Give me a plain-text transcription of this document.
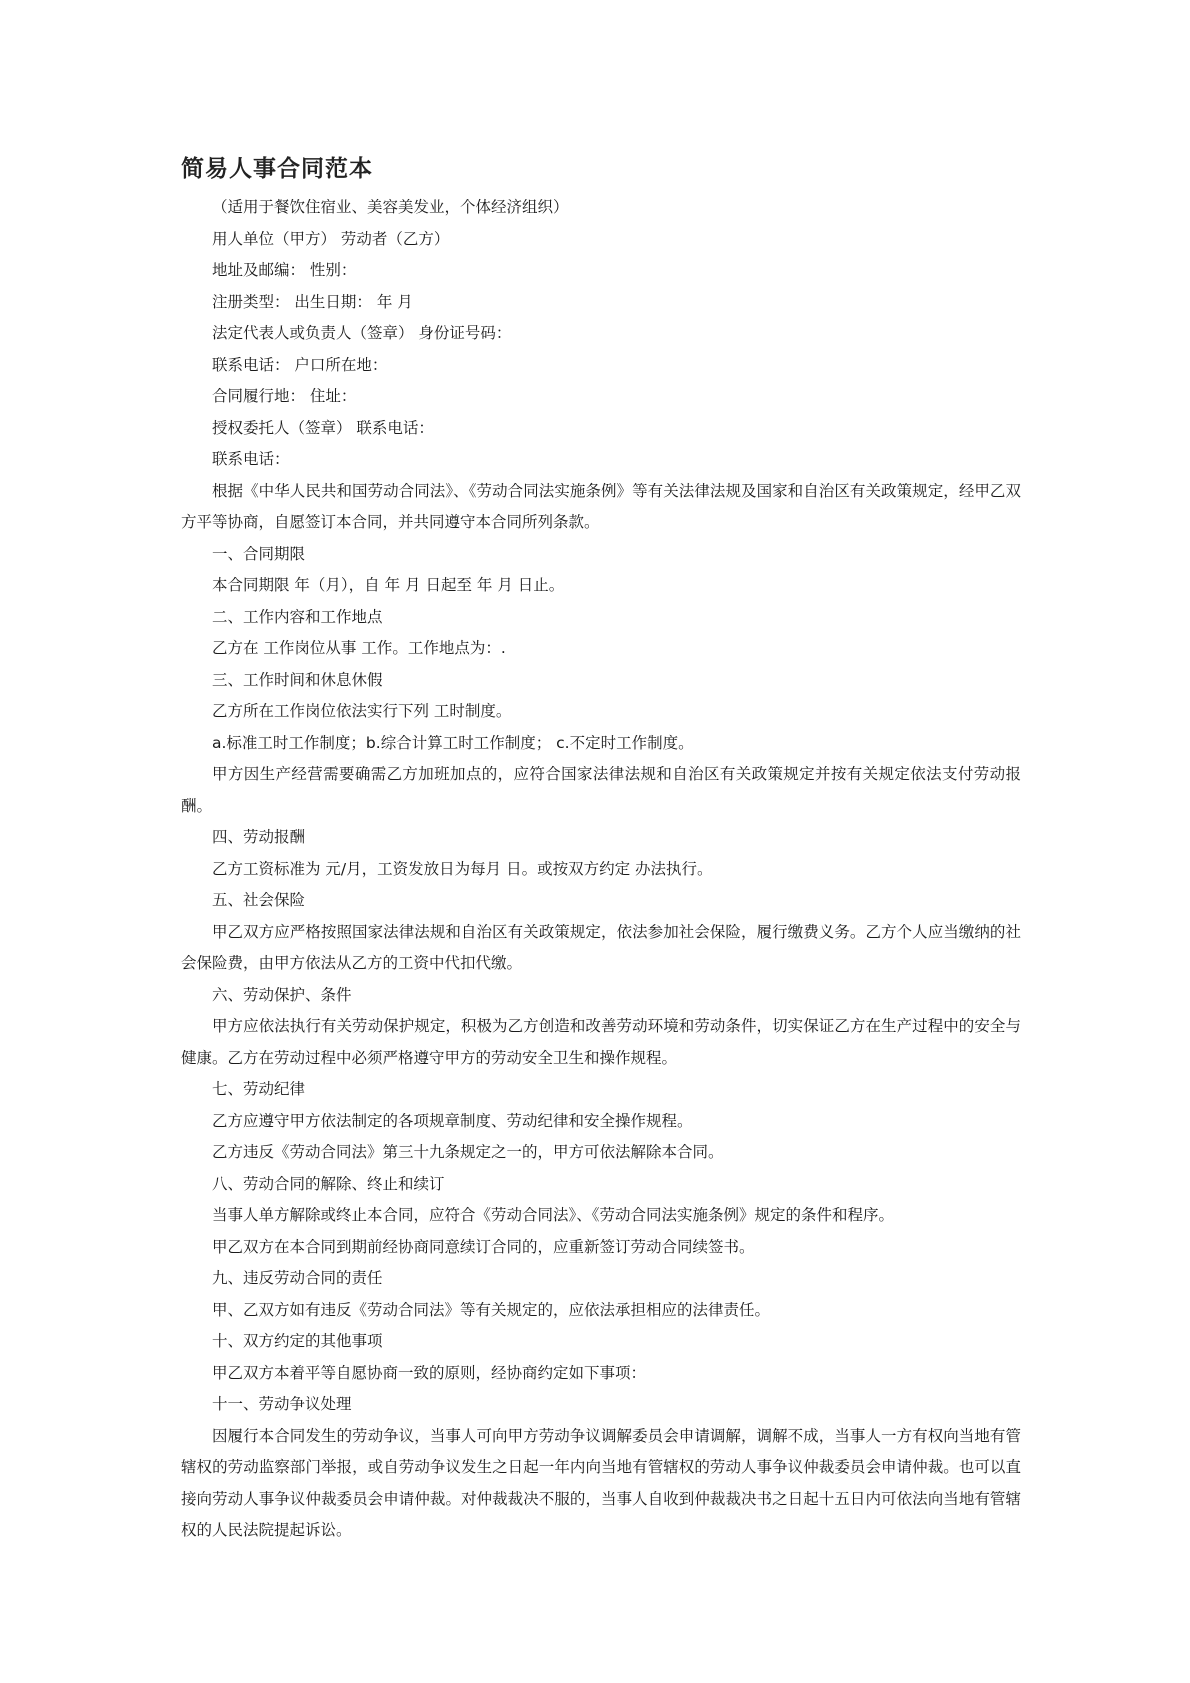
简易人事合同范本

（适用于餐饮住宿业、美容美发业，个体经济组织）

用人单位（甲方） 劳动者（乙方）

地址及邮编： 性别：

注册类型： 出生日期： 年 月

法定代表人或负责人（签章） 身份证号码：

联系电话： 户口所在地：

合同履行地： 住址：

授权委托人（签章） 联系电话：

联系电话：

根据《中华人民共和国劳动合同法》、《劳动合同法实施条例》等有关法律法规及国家和自治区有关政策规定，经甲乙双方平等协商，自愿签订本合同，并共同遵守本合同所列条款。

一、合同期限

本合同期限 年（月），自 年 月 日起至 年 月 日止。

二、工作内容和工作地点

乙方在 工作岗位从事 工作。工作地点为：.

三、工作时间和休息休假

乙方所在工作岗位依法实行下列 工时制度。

a.标准工时工作制度；b.综合计算工时工作制度； c.不定时工作制度。

甲方因生产经营需要确需乙方加班加点的，应符合国家法律法规和自治区有关政策规定并按有关规定依法支付劳动报酬。

四、劳动报酬

乙方工资标准为 元/月，工资发放日为每月 日。或按双方约定 办法执行。

五、社会保险

甲乙双方应严格按照国家法律法规和自治区有关政策规定，依法参加社会保险，履行缴费义务。乙方个人应当缴纳的社会保险费，由甲方依法从乙方的工资中代扣代缴。

六、劳动保护、条件

甲方应依法执行有关劳动保护规定，积极为乙方创造和改善劳动环境和劳动条件，切实保证乙方在生产过程中的安全与健康。乙方在劳动过程中必须严格遵守甲方的劳动安全卫生和操作规程。

七、劳动纪律

乙方应遵守甲方依法制定的各项规章制度、劳动纪律和安全操作规程。

乙方违反《劳动合同法》第三十九条规定之一的，甲方可依法解除本合同。

八、劳动合同的解除、终止和续订

当事人单方解除或终止本合同，应符合《劳动合同法》、《劳动合同法实施条例》规定的条件和程序。

甲乙双方在本合同到期前经协商同意续订合同的，应重新签订劳动合同续签书。

九、违反劳动合同的责任

甲、乙双方如有违反《劳动合同法》等有关规定的，应依法承担相应的法律责任。

十、双方约定的其他事项

甲乙双方本着平等自愿协商一致的原则，经协商约定如下事项：

十一、劳动争议处理

因履行本合同发生的劳动争议，当事人可向甲方劳动争议调解委员会申请调解，调解不成，当事人一方有权向当地有管辖权的劳动监察部门举报，或自劳动争议发生之日起一年内向当地有管辖权的劳动人事争议仲裁委员会申请仲裁。也可以直接向劳动人事争议仲裁委员会申请仲裁。对仲裁裁决不服的，当事人自收到仲裁裁决书之日起十五日内可依法向当地有管辖权的人民法院提起诉讼。
